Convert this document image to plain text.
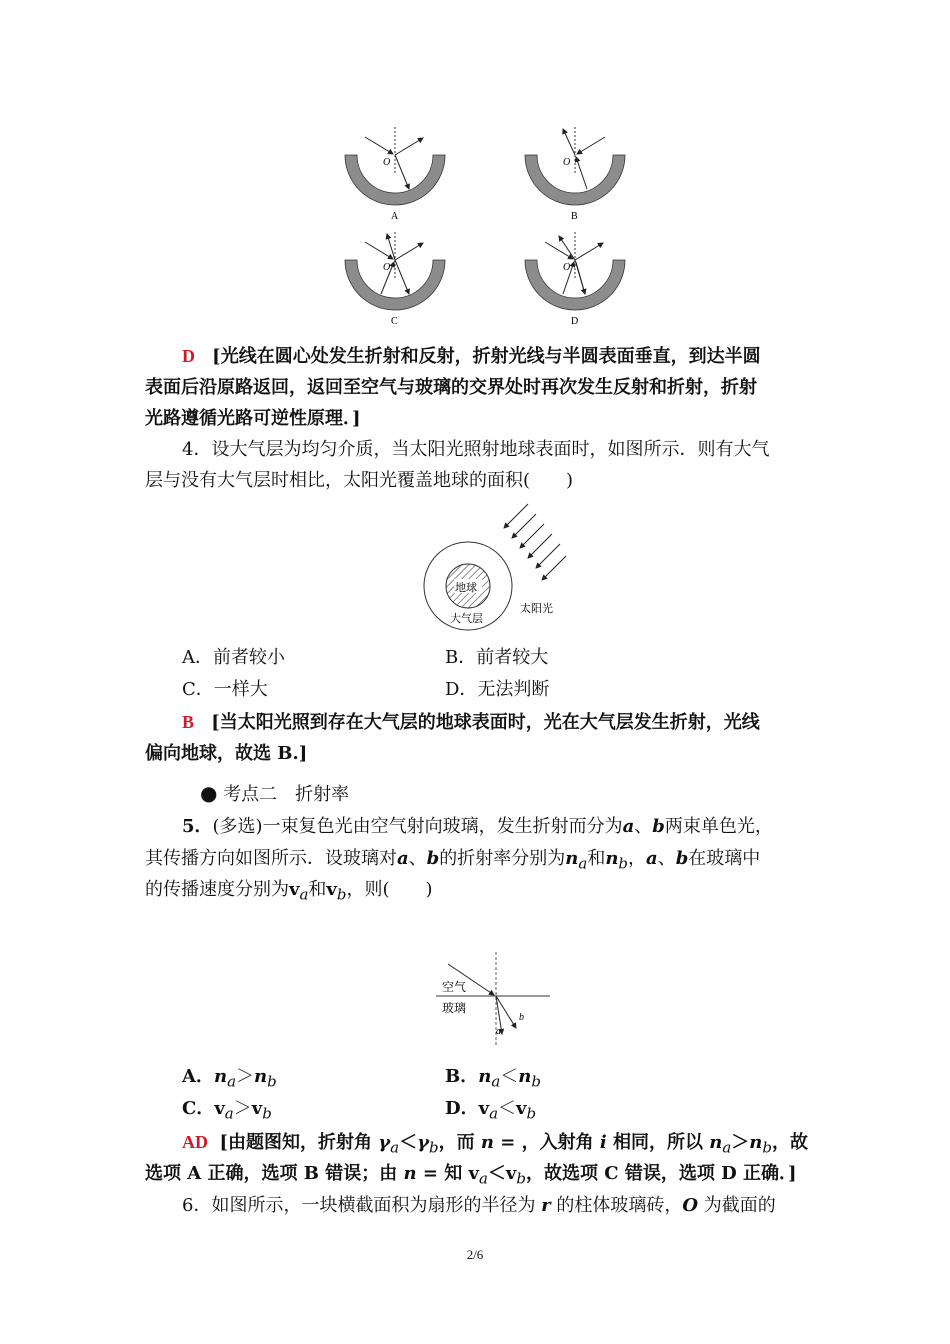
O
A
O
B
O
C
O
D
D [光线在圆心处发生折射和反射，折射光线与半圆表面垂直，到达半圆
表面后沿原路返回，返回至空气与玻璃的交界处时再次发生反射和折射，折射
光路遵循光路可逆性原理．]
4．设大气层为均匀介质，当太阳光照射地球表面时，如图所示．则有大气
层与没有大气层时相比，太阳光覆盖地球的面积(　　)
地球
大气层
太阳光
A．前者较小	B．前者较大
C．一样大	D．无法判断
B [当太阳光照到存在大气层的地球表面时，光在大气层发生折射，光线
偏向地球，故选 B.]
● 考点二　折射率
5．(多选)一束复色光由空气射向玻璃，发生折射而分为a、b两束单色光，
其传播方向如图所示．设玻璃对a、b的折射率分别为$n_a$和$n_b$，a、b在玻璃中
的传播速度分别为$v_a$和$v_b$，则(　　)
空气
玻璃
a
b
A．$n_a>n_b$	B．$n_a<n_b$
C．$v_a>v_b$	D．$v_a<v_b$
AD [由题图知，折射角 $\gamma_a<\gamma_b$，而 n = ，入射角 i 相同，所以 $n_a>n_b$，故
选项 A 正确，选项 B 错误；由 n = 知 $v_a<v_b$，故选项 C 错误，选项 D 正确．]
6．如图所示，一块横截面积为扇形的半径为 r 的柱体玻璃砖，O 为截面的
2/6
